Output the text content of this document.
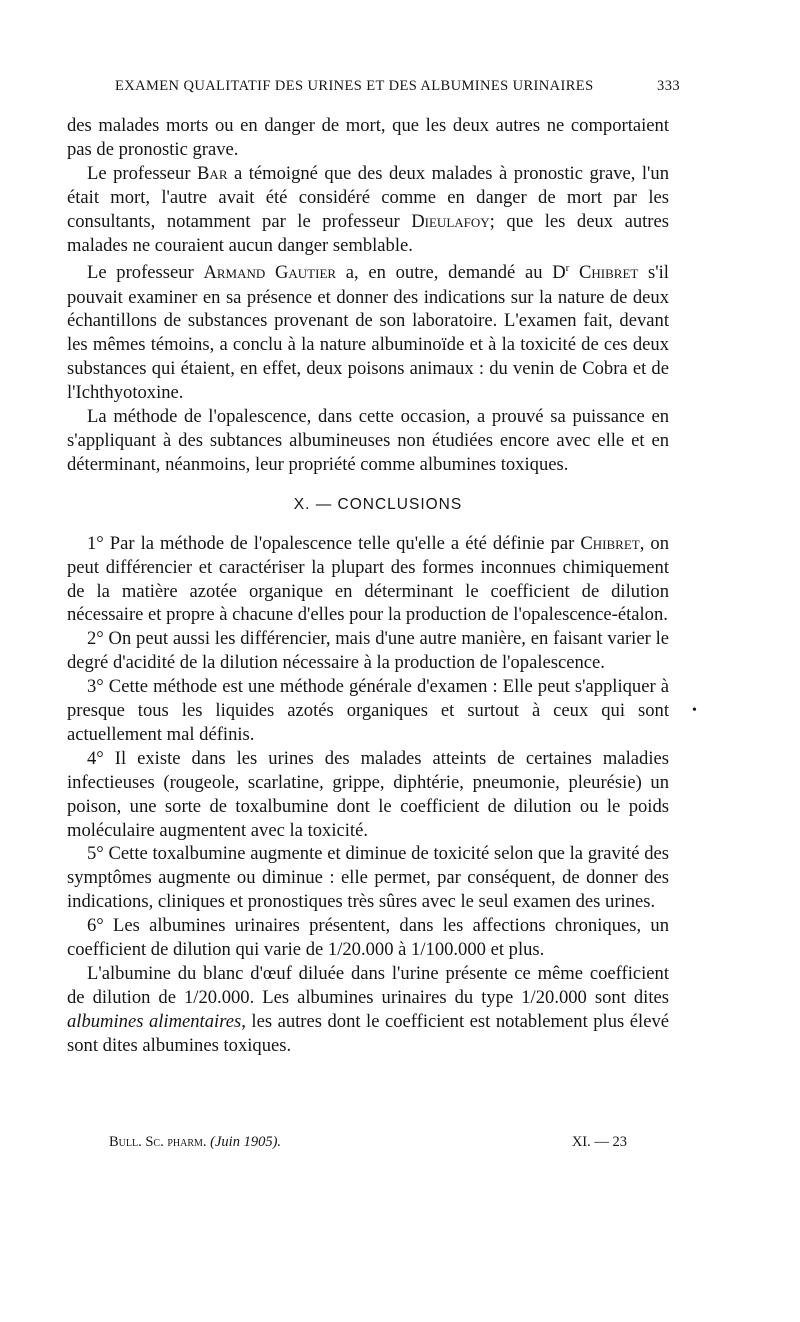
EXAMEN QUALITATIF DES URINES ET DES ALBUMINES URINAIRES	333

des malades morts ou en danger de mort, que les deux autres ne comportaient pas de pronostic grave.

Le professeur Bar a témoigné que des deux malades à pronostic grave, l'un était mort, l'autre avait été considéré comme en danger de mort par les consultants, notamment par le professeur Dieulafoy; que les deux autres malades ne couraient aucun danger semblable.

Le professeur Armand Gautier a, en outre, demandé au $D^r$ Chibret s'il pouvait examiner en sa présence et donner des indications sur la nature de deux échantillons de substances provenant de son laboratoire. L'examen fait, devant les mêmes témoins, a conclu à la nature albuminoïde et à la toxicité de ces deux substances qui étaient, en effet, deux poisons animaux : du venin de Cobra et de l'Ichthyotoxine.

La méthode de l'opalescence, dans cette occasion, a prouvé sa puissance en s'appliquant à des subtances albumineuses non étudiées encore avec elle et en déterminant, néanmoins, leur propriété comme albumines toxiques.

X. — CONCLUSIONS

1° Par la méthode de l'opalescence telle qu'elle a été définie par Chibret, on peut différencier et caractériser la plupart des formes inconnues chimiquement de la matière azotée organique en déterminant le coefficient de dilution nécessaire et propre à chacune d'elles pour la production de l'opalescence-étalon.

2° On peut aussi les différencier, mais d'une autre manière, en faisant varier le degré d'acidité de la dilution nécessaire à la production de l'opalescence.

3° Cette méthode est une méthode générale d'examen : Elle peut s'appliquer à presque tous les liquides azotés organiques et surtout à ceux qui sont actuellement mal définis.

4° Il existe dans les urines des malades atteints de certaines maladies infectieuses (rougeole, scarlatine, grippe, diphtérie, pneumonie, pleurésie) un poison, une sorte de toxalbumine dont le coefficient de dilution ou le poids moléculaire augmentent avec la toxicité.

5° Cette toxalbumine augmente et diminue de toxicité selon que la gravité des symptômes augmente ou diminue : elle permet, par conséquent, de donner des indications, cliniques et pronostiques très sûres avec le seul examen des urines.

6° Les albumines urinaires présentent, dans les affections chroniques, un coefficient de dilution qui varie de 1/20.000 à 1/100.000 et plus.

L'albumine du blanc d'œuf diluée dans l'urine présente ce même coefficient de dilution de 1/20.000. Les albumines urinaires du type 1/20.000 sont dites albumines alimentaires, les autres dont le coefficient est notablement plus élevé sont dites albumines toxiques.

•
Bull. Sc. pharm. (Juin 1905).	XI. — 23
